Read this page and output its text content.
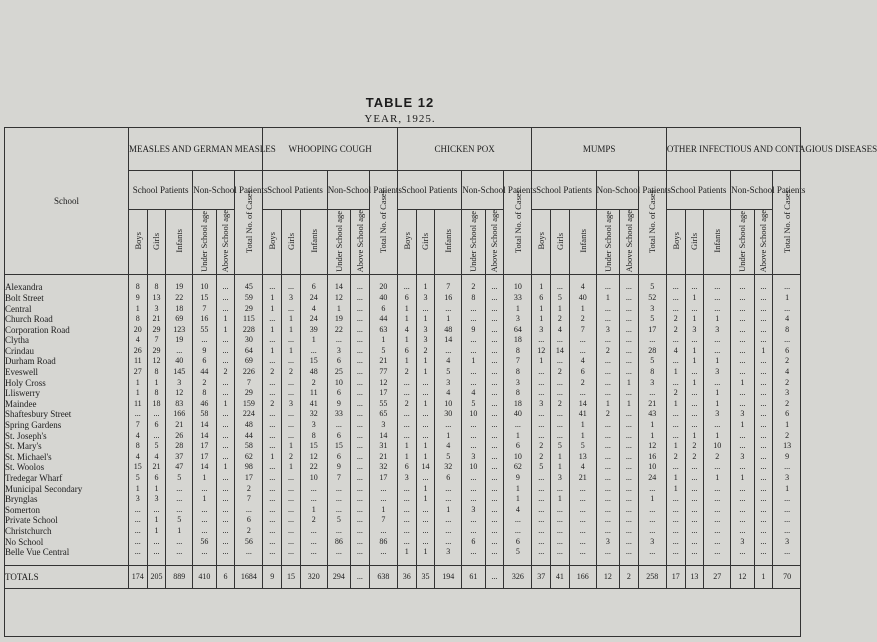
TABLE 12
YEAR, 1925.
School	MEASLES AND GERMAN MEASLES						WHOOPING COUGH						CHICKEN POX						MUMPS						OTHER INFECTIOUS AND CONTAGIOUS DISEASES					
	School Patients			Non-School Patients		Total No. of Cases	School Patients			Non-School Patients		Total No. of Cases	School Patients			Non-School Patients		Total No. of Cases	School Patients			Non-School Patients		Total No. of Cases	School Patients			Non-School Patients		Total No. of Cases
	Boys	Girls	Infants	Under School age	Above School age		Boys	Girls	Infants	Under School age	Above School age		Boys	Girls	Infants	Under School age	Above School age		Boys	Girls	Infants	Under School age	Above School age		Boys	Girls	Infants	Under School age	Above School age	

Alexandra	8	8	19	10	...	45	...	...	6	14	...	20	...	1	7	2	...	10	1	...	4	...	...	5	...	...	...	...	...	...
Bolt Street	9	13	22	15	...	59	1	3	24	12	...	40	6	3	16	8	...	33	6	5	40	1	...	52	...	1	...	...	...	1
Central	1	3	18	7	...	29	1	...	4	1	...	6	1	...	...	...	...	1	1	1	1	...	...	3	...	...	...	...	...	...
Church Road	8	21	69	16	1	115	...	1	24	19	...	44	1	1	1	...	...	3	1	2	2	...	...	5	2	1	1	...	...	4
Corporation Road	20	29	123	55	1	228	1	1	39	22	...	63	4	3	48	9	...	64	3	4	7	3	...	17	2	3	3	...	...	8
Clytha	4	7	19	...	...	30	...	...	1	...	...	1	1	3	14	...	...	18	...	...	...	...	...	...	...	...	...	...	...	...
Crindau	26	29	...	9	...	64	1	1	...	3	...	5	6	2	...	...	...	8	12	14	...	2	...	28	4	1	...	...	1	6
Durham Road	11	12	40	6	...	69	...	...	15	6	...	21	1	1	4	1	...	7	1	...	4	...	...	5	...	1	1	...	...	2
Eveswell	27	8	145	44	2	226	2	2	48	25	...	77	2	1	5	...	...	8	...	2	6	...	...	8	1	...	3	...	...	4
Holy Cross	1	1	3	2	...	7	...	...	2	10	...	12	...	...	3	...	...	3	...	...	2	...	1	3	...	1	...	1	...	2
Lliswerry	1	8	12	8	...	29	...	...	11	6	...	17	...	...	4	4	...	8	...	...	...	...	...	...	2	...	1	...	...	3
Maindee	11	18	83	46	1	159	2	3	41	9	...	55	2	1	10	5	...	18	3	2	14	1	1	21	1	...	1	...	...	2
Shaftesbury Street	...	...	166	58	...	224	...	...	32	33	...	65	...	...	30	10	...	40	...	...	41	2	...	43	...	...	3	3	...	6
Spring Gardens	7	6	21	14	...	48	...	...	3	...	...	3	...	...	...	...	...	...	...	...	1	...	...	1	...	...	...	1	...	1
St. Joseph's	4	...	26	14	...	44	...	...	8	6	...	14	...	...	1	...	...	1	...	...	1	...	...	1	...	1	1	...	...	2
St. Mary's	8	5	28	17	...	58	...	1	15	15	...	31	1	1	4	...	...	6	2	5	5	...	...	12	1	2	10	...	...	13
St. Michael's	4	4	37	17	...	62	1	2	12	6	...	21	1	1	5	3	...	10	2	1	13	...	...	16	2	2	2	3	...	9
St. Woolos	15	21	47	14	1	98	...	1	22	9	...	32	6	14	32	10	...	62	5	1	4	...	...	10	...	...	...	...	...	...
Tredegar Wharf	5	6	5	1	...	17	...	...	10	7	...	17	3	...	6	...	...	9	...	3	21	...	...	24	1	...	1	1	...	3
Municipal Secondary	1	1	...	...	...	2	...	...	...	...	...	...	...	1	...	...	...	1	...	...	...	...	...	...	1	...	...	...	...	1
Brynglas	3	3	...	1	...	7	...	...	...	...	...	...	...	1	...	...	...	1	...	1	...	...	...	1	...	...	...	...	...	...
Somerton	...	...	...	...	...	...	...	...	1	...	...	1	...	...	1	3	...	4	...	...	...	...	...	...	...	...	...	...	...	...
Private School	...	1	5	...	...	6	...	...	2	5	...	7	...	...	...	...	...	...	...	...	...	...	...	...	...	...	...	...	...	...
Christchurch	...	1	1	...	...	2	...	...	...	...	...	...	...	...	...	...	...	...	...	...	...	...	...	...	...	...	...	...	...	...
No School	...	...	...	56	...	56	...	...	...	86	...	86	...	...	...	6	...	6	...	...	...	3	...	3	...	...	...	3	...	3
Belle Vue Central	...	...	...	...	...	...	...	...	...	...	...	...	1	1	3	...	...	5	...	...	...	...	...	...	...	...	...	...	...	...

TOTALS	174	205	889	410	6	1684	9	15	320	294	...	638	36	35	194	61	...	326	37	41	166	12	2	258	17	13	27	12	1	70
